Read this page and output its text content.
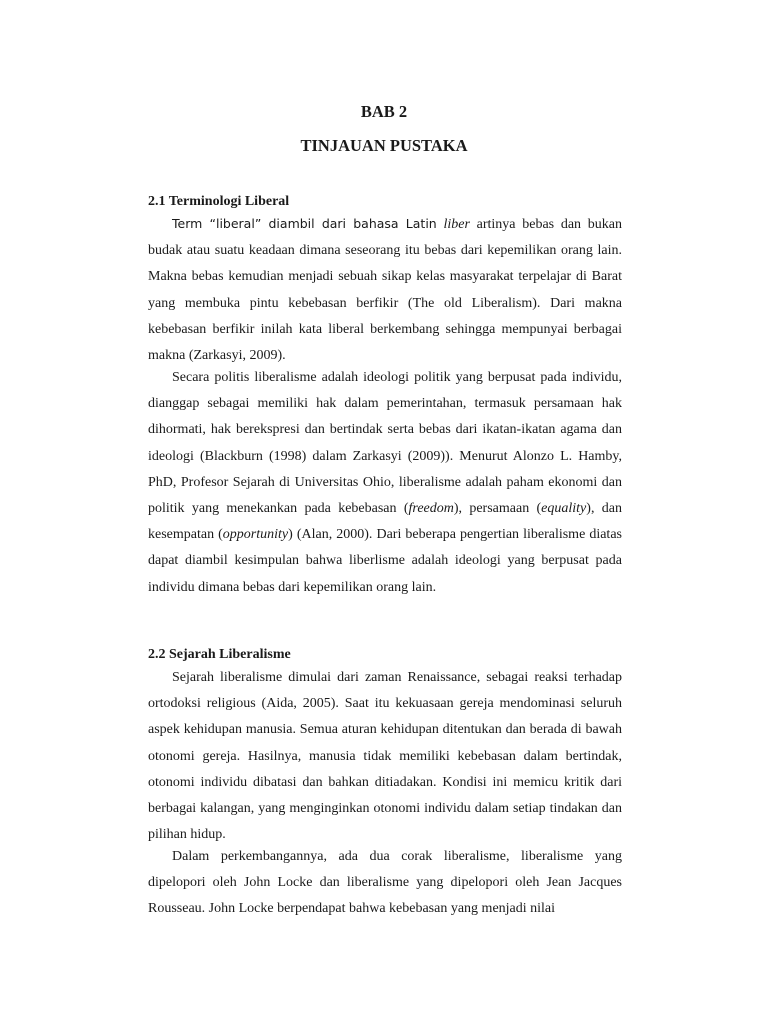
BAB 2
TINJAUAN PUSTAKA
2.1 Terminologi Liberal

Term “liberal” diambil dari bahasa Latin liber artinya bebas dan bukan budak atau suatu keadaan dimana seseorang itu bebas dari kepemilikan orang lain. Makna bebas kemudian menjadi sebuah sikap kelas masyarakat terpelajar di Barat yang membuka pintu kebebasan berfikir (The old Liberalism). Dari makna kebebasan berfikir inilah kata liberal berkembang sehingga mempunyai berbagai makna (Zarkasyi, 2009).

Secara politis liberalisme adalah ideologi politik yang berpusat pada individu, dianggap sebagai memiliki hak dalam pemerintahan, termasuk persamaan hak dihormati, hak berekspresi dan bertindak serta bebas dari ikatan-ikatan agama dan ideologi (Blackburn (1998) dalam Zarkasyi (2009)). Menurut Alonzo L. Hamby, PhD, Profesor Sejarah di Universitas Ohio, liberalisme adalah paham ekonomi dan politik yang menekankan pada kebebasan (freedom), persamaan (equality), dan kesempatan (opportunity) (Alan, 2000). Dari beberapa pengertian liberalisme diatas dapat diambil kesimpulan bahwa liberlisme adalah ideologi yang berpusat pada individu dimana bebas dari kepemilikan orang lain.

2.2 Sejarah Liberalisme

Sejarah liberalisme dimulai dari zaman Renaissance, sebagai reaksi terhadap ortodoksi religious (Aida, 2005). Saat itu kekuasaan gereja mendominasi seluruh aspek kehidupan manusia. Semua aturan kehidupan ditentukan dan berada di bawah otonomi gereja. Hasilnya, manusia tidak memiliki kebebasan dalam bertindak, otonomi individu dibatasi dan bahkan ditiadakan. Kondisi ini memicu kritik dari berbagai kalangan, yang menginginkan otonomi individu dalam setiap tindakan dan pilihan hidup.

Dalam perkembangannya, ada dua corak liberalisme, liberalisme yang dipelopori oleh John Locke dan liberalisme yang dipelopori oleh Jean Jacques Rousseau. John Locke berpendapat bahwa kebebasan yang menjadi nilai
